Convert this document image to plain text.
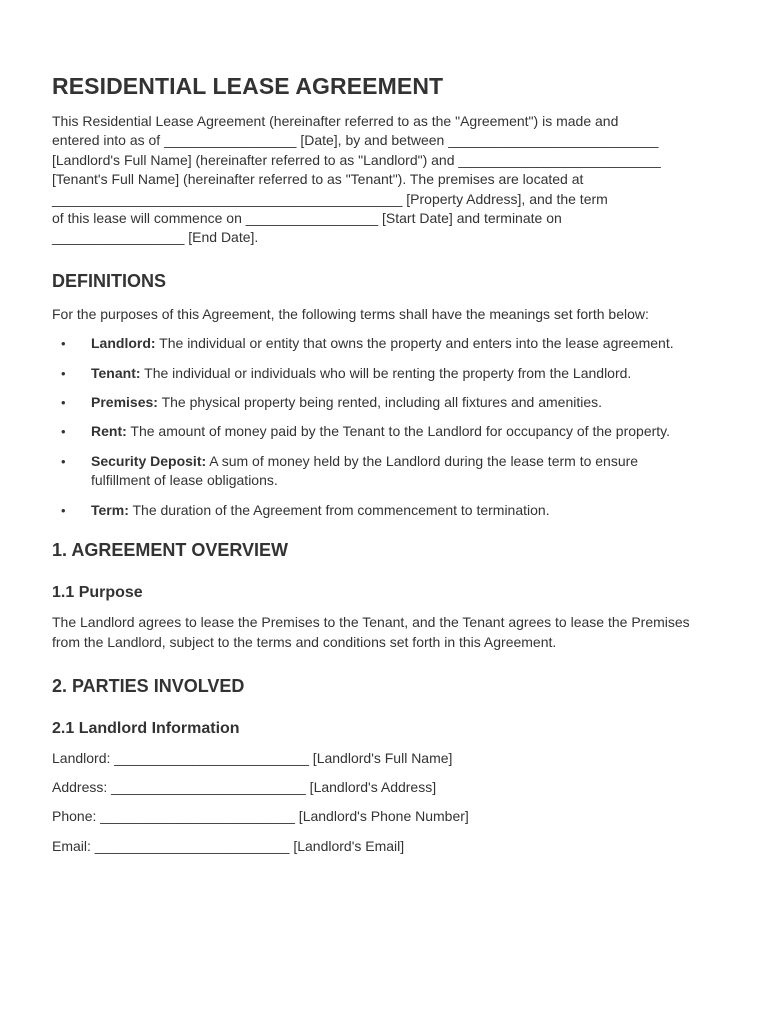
RESIDENTIAL LEASE AGREEMENT
This Residential Lease Agreement (hereinafter referred to as the "Agreement") is made and
entered into as of _________________ [Date], by and between ___________________________
[Landlord's Full Name] (hereinafter referred to as "Landlord") and __________________________
[Tenant's Full Name] (hereinafter referred to as "Tenant"). The premises are located at
_____________________________________________ [Property Address], and the term
of this lease will commence on _________________ [Start Date] and terminate on
_________________ [End Date].
DEFINITIONS

For the purposes of this Agreement, the following terms shall have the meanings set forth below:

• Landlord: The individual or entity that owns the property and enters into the lease agreement.
• Tenant: The individual or individuals who will be renting the property from the Landlord.
• Premises: The physical property being rented, including all fixtures and amenities.
• Rent: The amount of money paid by the Tenant to the Landlord for occupancy of the property.
• Security Deposit: A sum of money held by the Landlord during the lease term to ensure fulfillment of lease obligations.
• Term: The duration of the Agreement from commencement to termination.
1. AGREEMENT OVERVIEW
1.1 Purpose

The Landlord agrees to lease the Premises to the Tenant, and the Tenant agrees to lease the Premises from the Landlord, subject to the terms and conditions set forth in this Agreement.

2. PARTIES INVOLVED
2.1 Landlord Information
Landlord: _________________________ [Landlord's Full Name]
Address: _________________________ [Landlord's Address]
Phone: _________________________ [Landlord's Phone Number]
Email: _________________________ [Landlord's Email]
